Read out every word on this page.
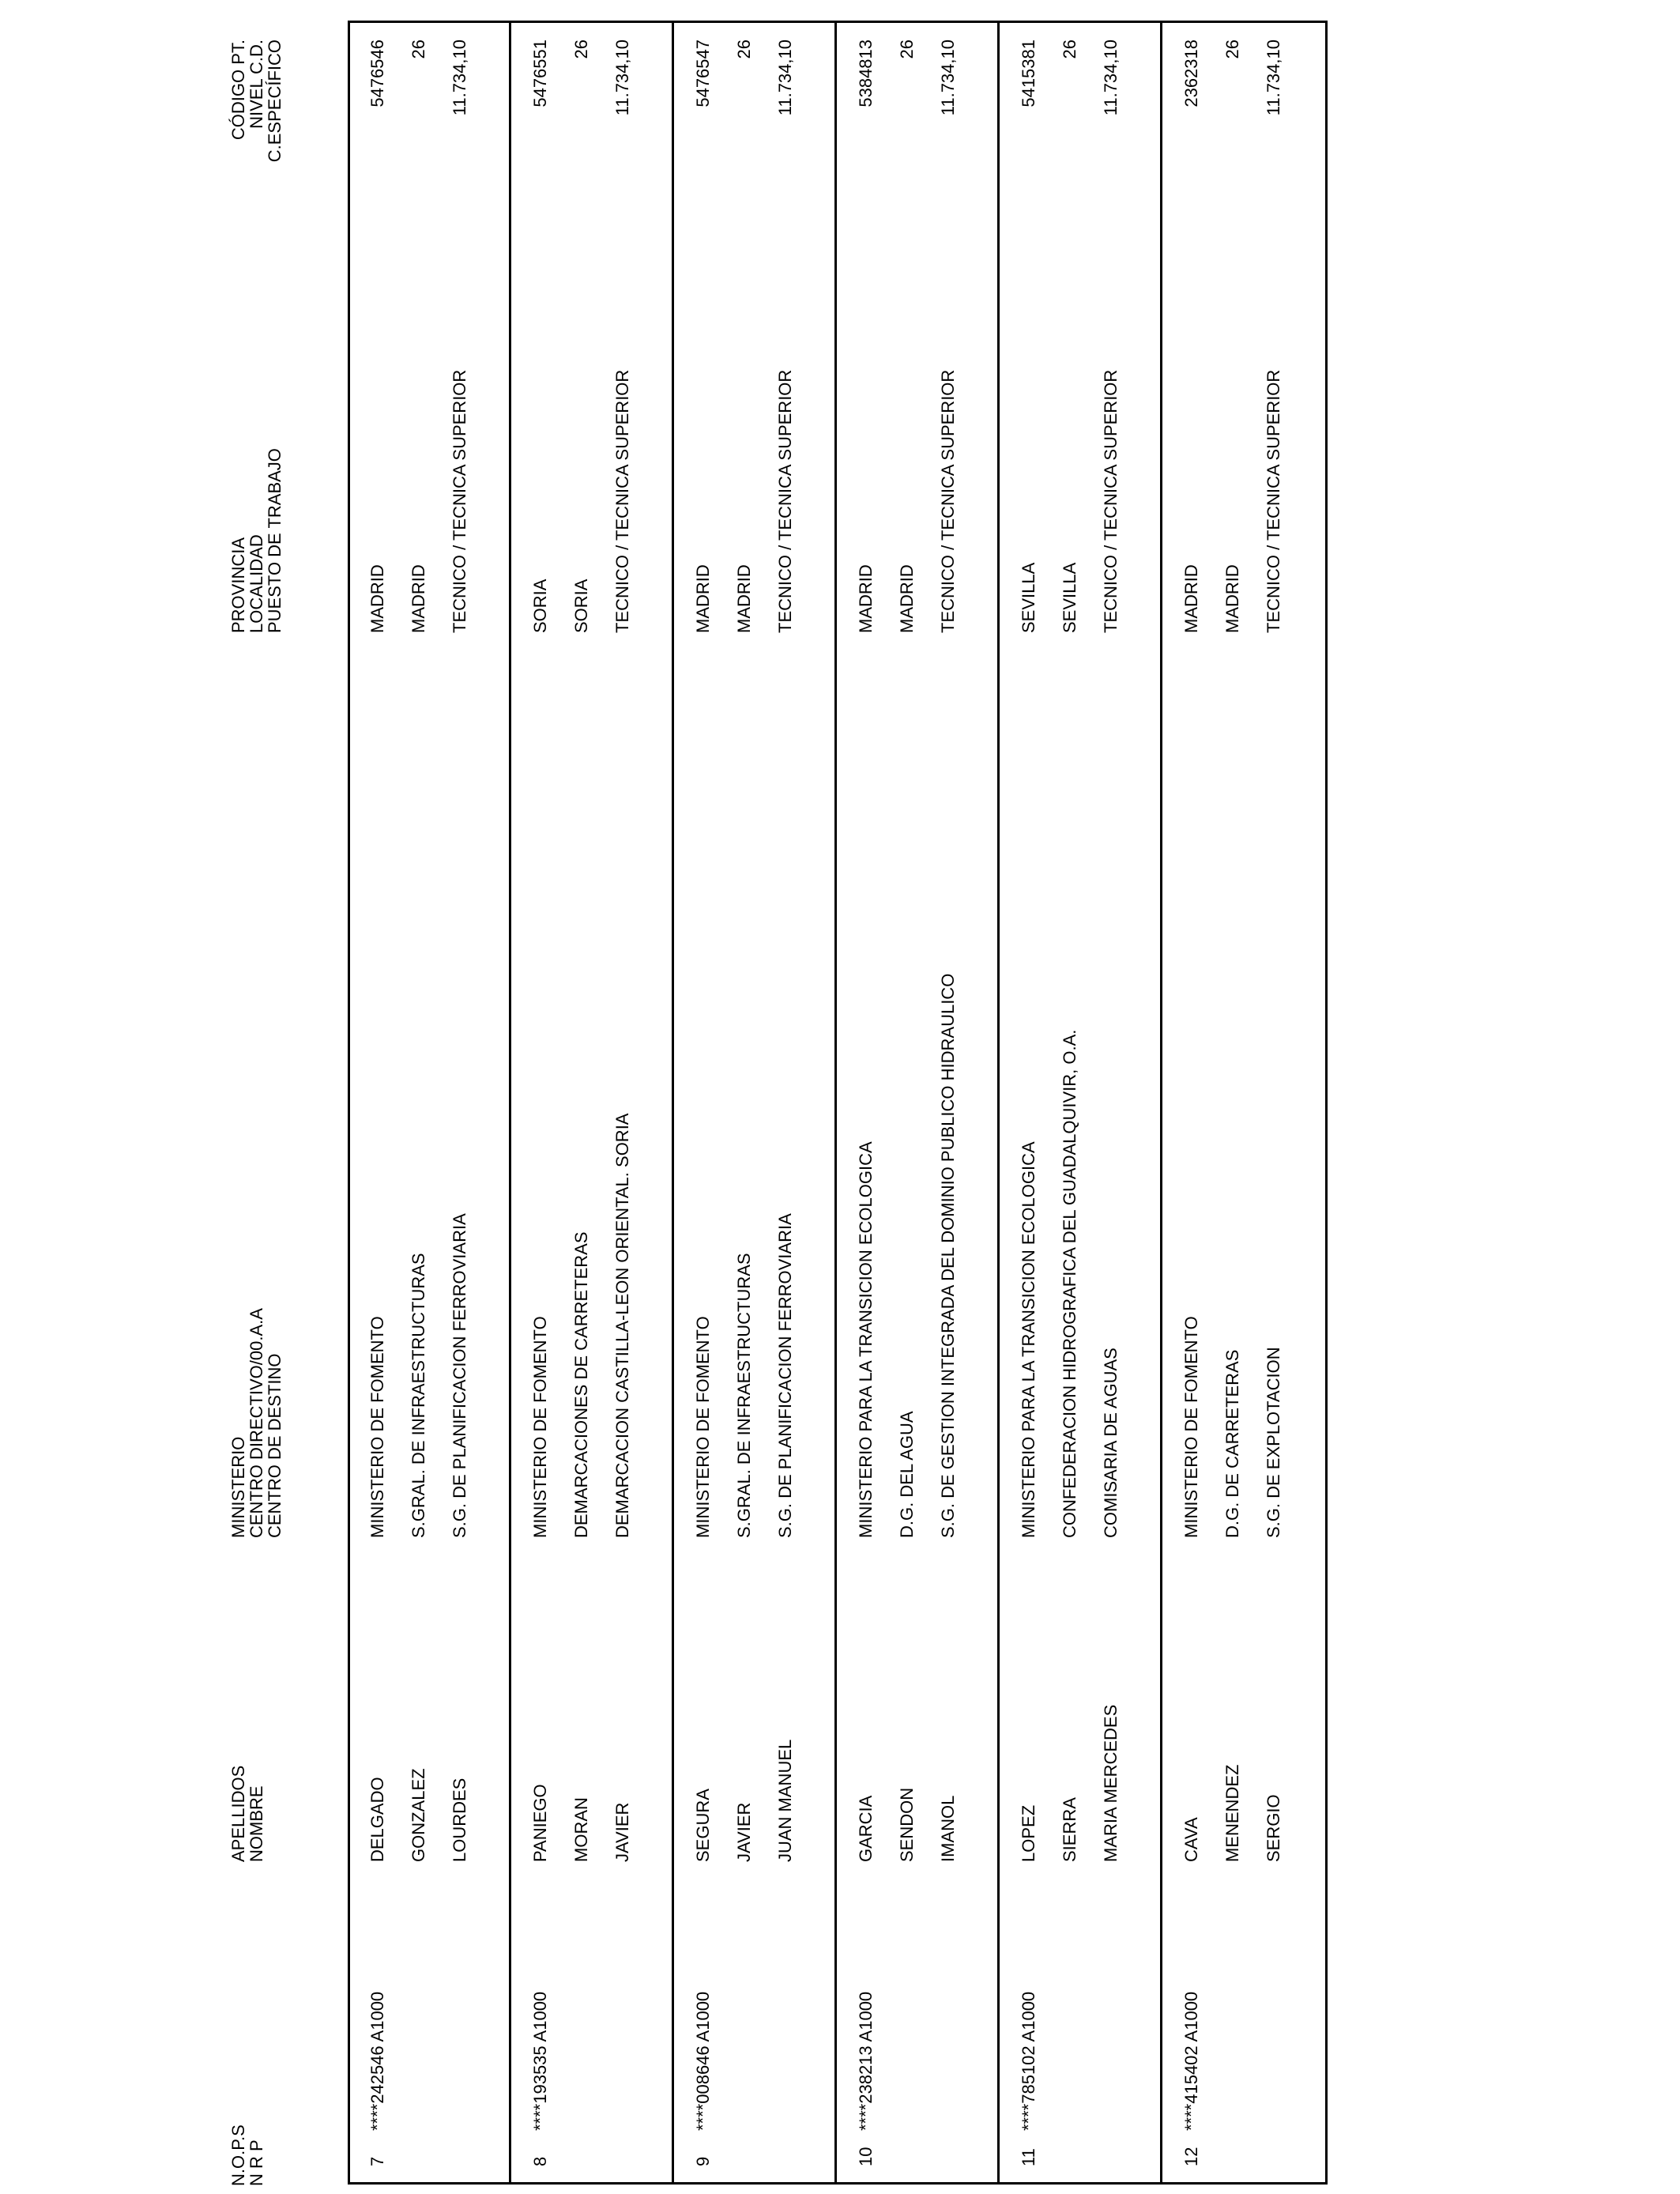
N.O.P.S
N R P
APELLIDOS
NOMBRE
MINISTERIO
CENTRO DIRECTIVO/00.A.A
CENTRO DE DESTINO
PROVINCIA
LOCALIDAD
PUESTO DE TRABAJO
CÓDIGO PT.
NIVEL C.D.
C.ESPECÍFICO
7
****242546 A1000
DELGADO GONZALEZ LOURDES
MINISTERIO DE FOMENTO S.GRAL. DE INFRAESTRUCTURAS S.G. DE PLANIFICACION FERROVIARIA
MADRID MADRID TECNICO / TECNICA SUPERIOR
5476546 26 11.734,10
8
****193535 A1000
PANIEGO MORAN JAVIER
MINISTERIO DE FOMENTO DEMARCACIONES DE CARRETERAS DEMARCACION CASTILLA-LEON ORIENTAL. SORIA
SORIA SORIA TECNICO / TECNICA SUPERIOR
5476551 26 11.734,10
9
****008646 A1000
SEGURA JAVIER JUAN MANUEL
MINISTERIO DE FOMENTO S.GRAL. DE INFRAESTRUCTURAS S.G. DE PLANIFICACION FERROVIARIA
MADRID MADRID TECNICO / TECNICA SUPERIOR
5476547 26 11.734,10
10
****238213 A1000
GARCIA SENDON IMANOL
MINISTERIO PARA LA TRANSICION ECOLOGICA D.G. DEL AGUA S.G. DE GESTION INTEGRADA DEL DOMINIO PUBLICO HIDRAULICO
MADRID MADRID TECNICO / TECNICA SUPERIOR
5384813 26 11.734,10
11
****785102 A1000
LOPEZ SIERRA MARIA MERCEDES
MINISTERIO PARA LA TRANSICION ECOLOGICA CONFEDERACION HIDROGRAFICA DEL GUADALQUIVIR, O.A. COMISARIA DE AGUAS
SEVILLA SEVILLA TECNICO / TECNICA SUPERIOR
5415381 26 11.734,10
12
****415402 A1000
CAVA MENENDEZ SERGIO
MINISTERIO DE FOMENTO D.G. DE CARRETERAS S.G. DE EXPLOTACION
MADRID MADRID TECNICO / TECNICA SUPERIOR
2362318 26 11.734,10
